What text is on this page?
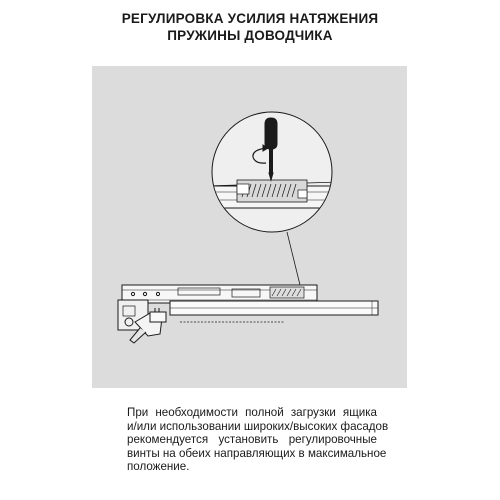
РЕГУЛИРОВКА УСИЛИЯ НАТЯЖЕНИЯ
ПРУЖИНЫ ДОВОДЧИКА
При необходимости полной загрузки ящика
и/или использовании широких/высоких фасадов
рекомендуется установить регулировочные
винты на обеих направляющих в максимальное
положение.
